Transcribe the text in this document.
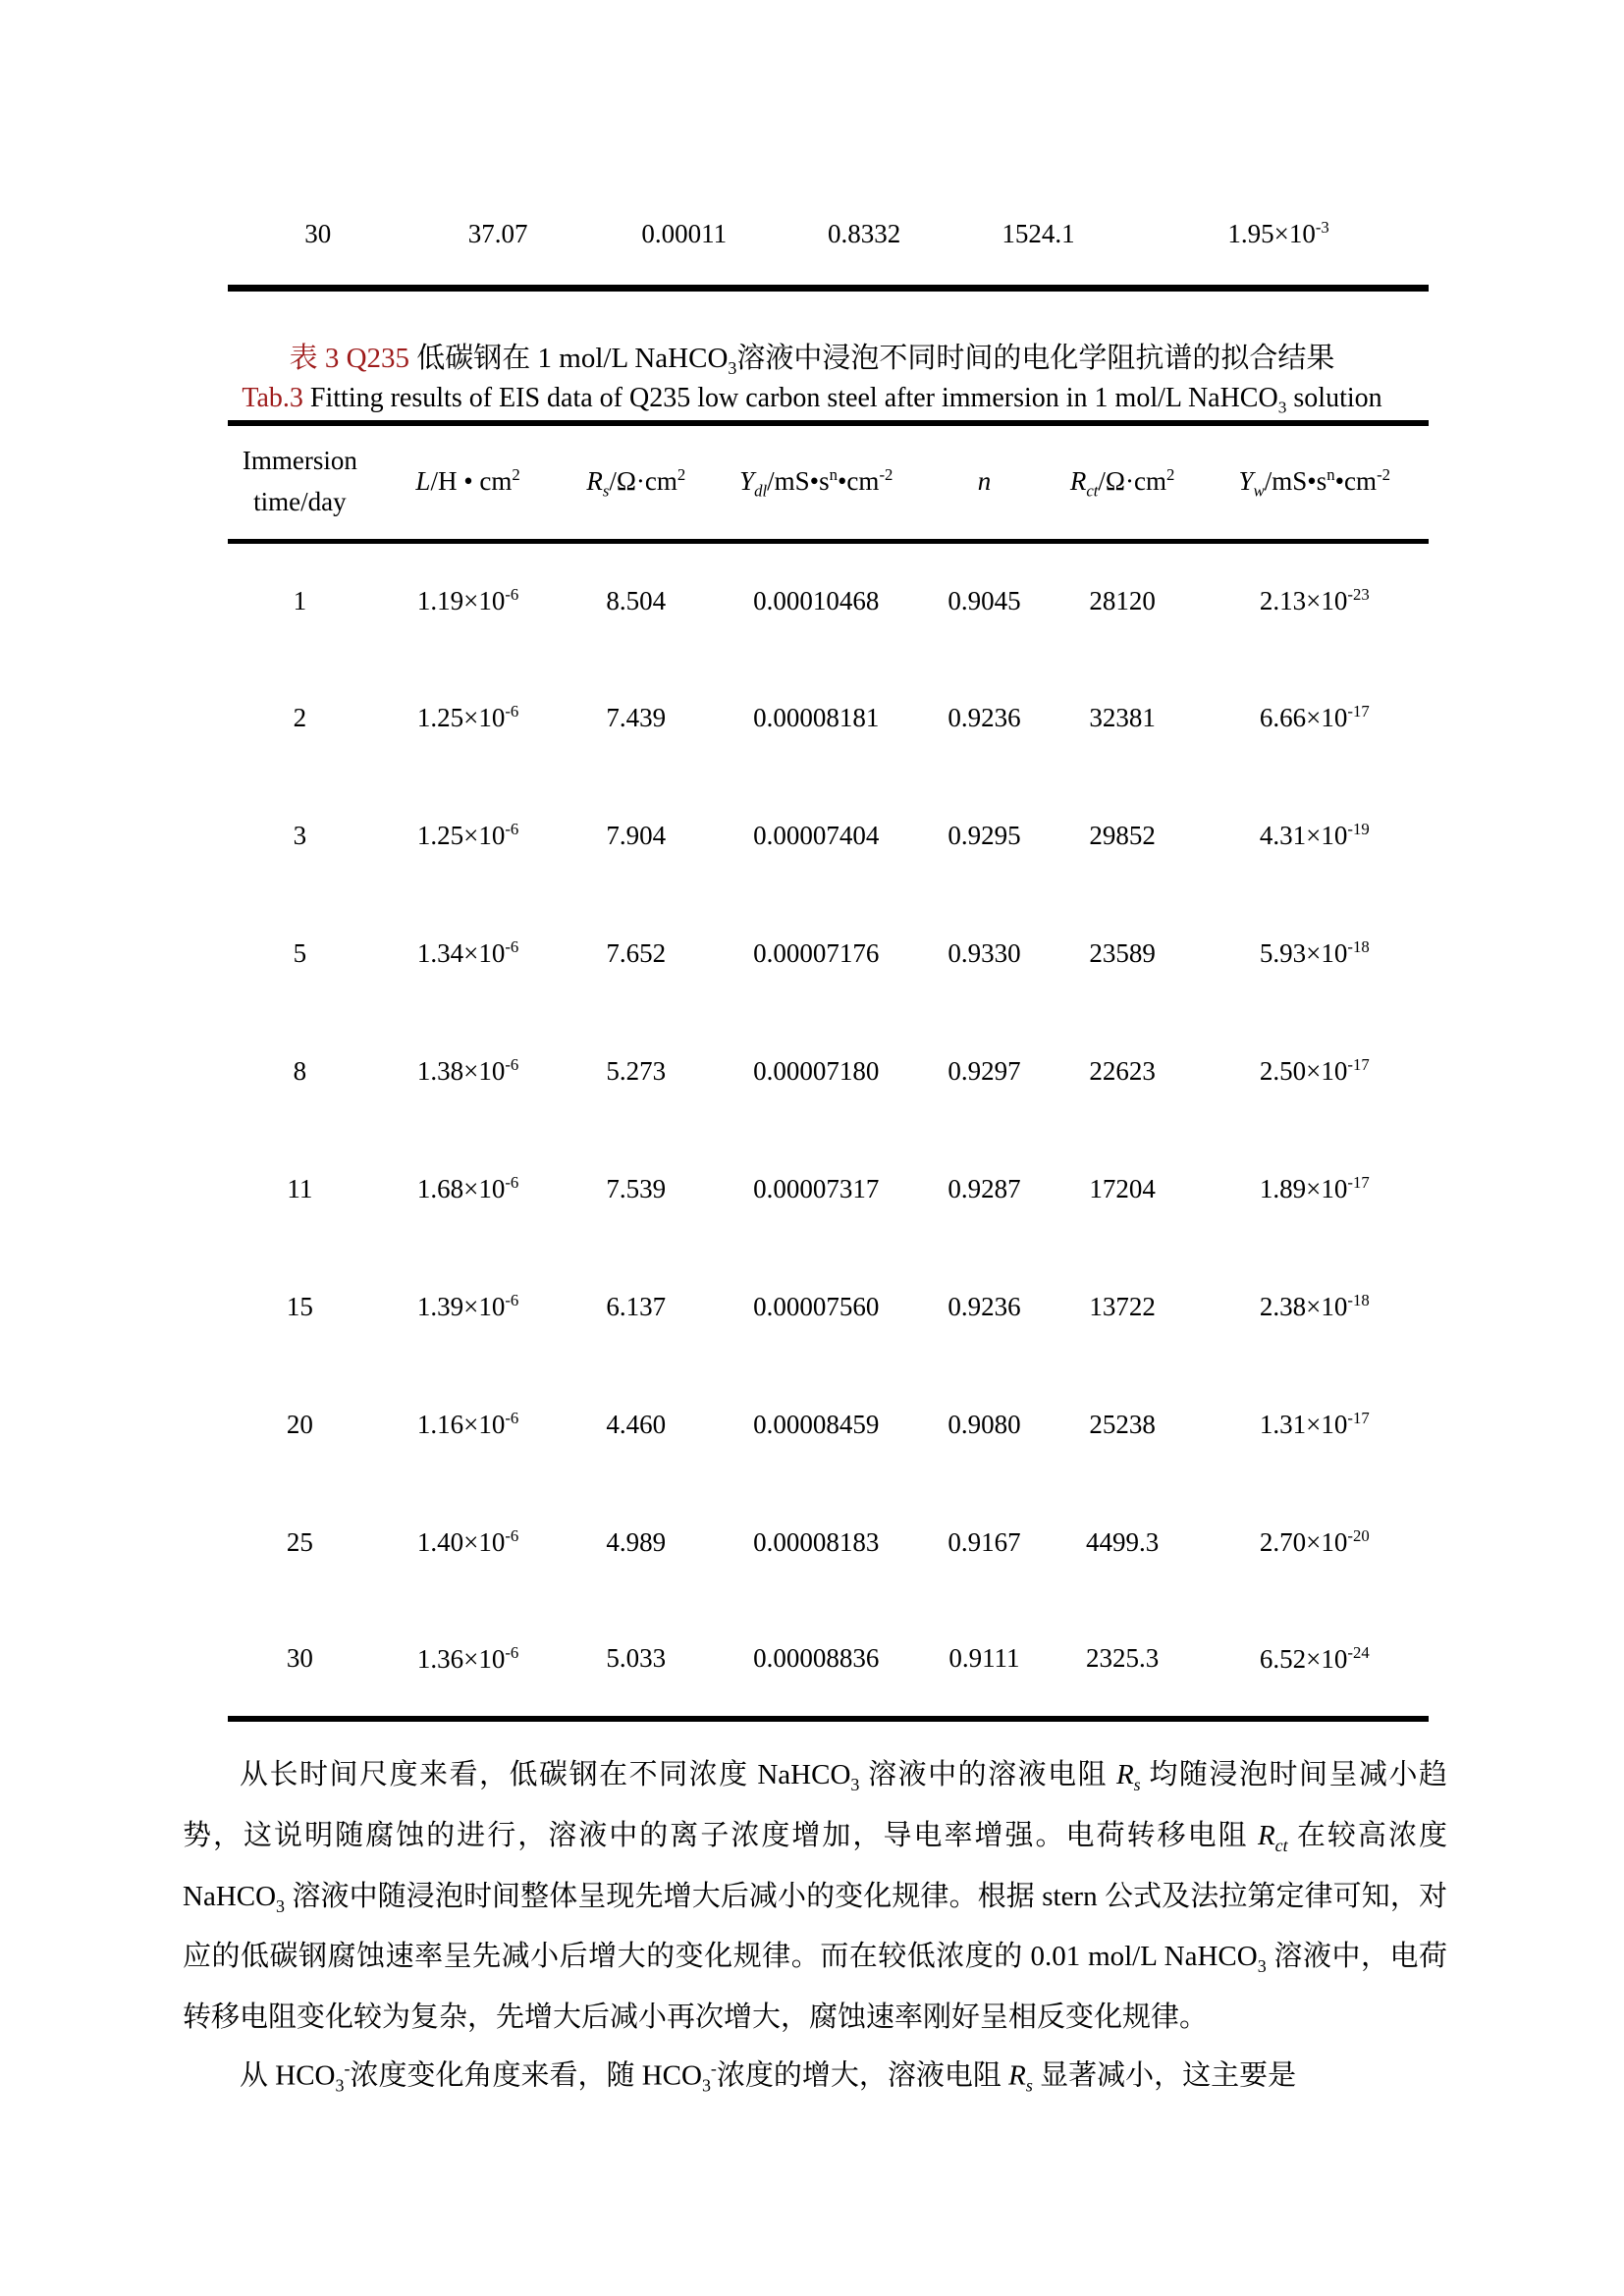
30	37.07	0.00011	0.8332	1524.1	$1.95\times 10^{-3}$
表 3 Q235 低碳钢在 1 mol/L NaHCO$_3$溶液中浸泡不同时间的电化学阻抗谱的拟合结果
Tab.3 Fitting results of EIS data of Q235 low carbon steel after immersion in 1 mol/L NaHCO$_3$ solution
Immersion
time/day	L/H • $cm^2$	$R_s/\Omega\cdot cm^2$	$Y_{dl}/mS•s^n•cm^{-2}$	n	$R_{ct}/\Omega\cdot cm^2$	$Y_w/mS•s^n•cm^{-2}$
1	$1.19\times 10^{-6}$	8.504	0.00010468	0.9045	28120	$2.13\times 10^{-23}$
2	$1.25\times 10^{-6}$	7.439	0.00008181	0.9236	32381	$6.66\times 10^{-17}$
3	$1.25\times 10^{-6}$	7.904	0.00007404	0.9295	29852	$4.31\times 10^{-19}$
5	$1.34\times 10^{-6}$	7.652	0.00007176	0.9330	23589	$5.93\times 10^{-18}$
8	$1.38\times 10^{-6}$	5.273	0.00007180	0.9297	22623	$2.50\times 10^{-17}$
11	$1.68\times 10^{-6}$	7.539	0.00007317	0.9287	17204	$1.89\times 10^{-17}$
15	$1.39\times 10^{-6}$	6.137	0.00007560	0.9236	13722	$2.38\times 10^{-18}$
20	$1.16\times 10^{-6}$	4.460	0.00008459	0.9080	25238	$1.31\times 10^{-17}$
25	$1.40\times 10^{-6}$	4.989	0.00008183	0.9167	4499.3	$2.70\times 10^{-20}$
30	$1.36\times 10^{-6}$	5.033	0.00008836	0.9111	2325.3	$6.52\times 10^{-24}$

从长时间尺度来看，低碳钢在不同浓度 NaHCO$_3$ 溶液中的溶液电阻 $R_s$ 均随浸泡时间呈减小趋势，这说明随腐蚀的进行，溶液中的离子浓度增加，导电率增强。电荷转移电阻 $R_{ct}$ 在较高浓度 NaHCO$_3$ 溶液中随浸泡时间整体呈现先增大后减小的变化规律。根据 stern 公式及法拉第定律可知，对应的低碳钢腐蚀速率呈先减小后增大的变化规律。而在较低浓度的 0.01 mol/L NaHCO$_3$ 溶液中，电荷转移电阻变化较为复杂，先增大后减小再次增大，腐蚀速率刚好呈相反变化规律。

从 $HCO_3^-$浓度变化角度来看，随 $HCO_3^-$浓度的增大，溶液电阻 $R_s$ 显著减小，这主要是
